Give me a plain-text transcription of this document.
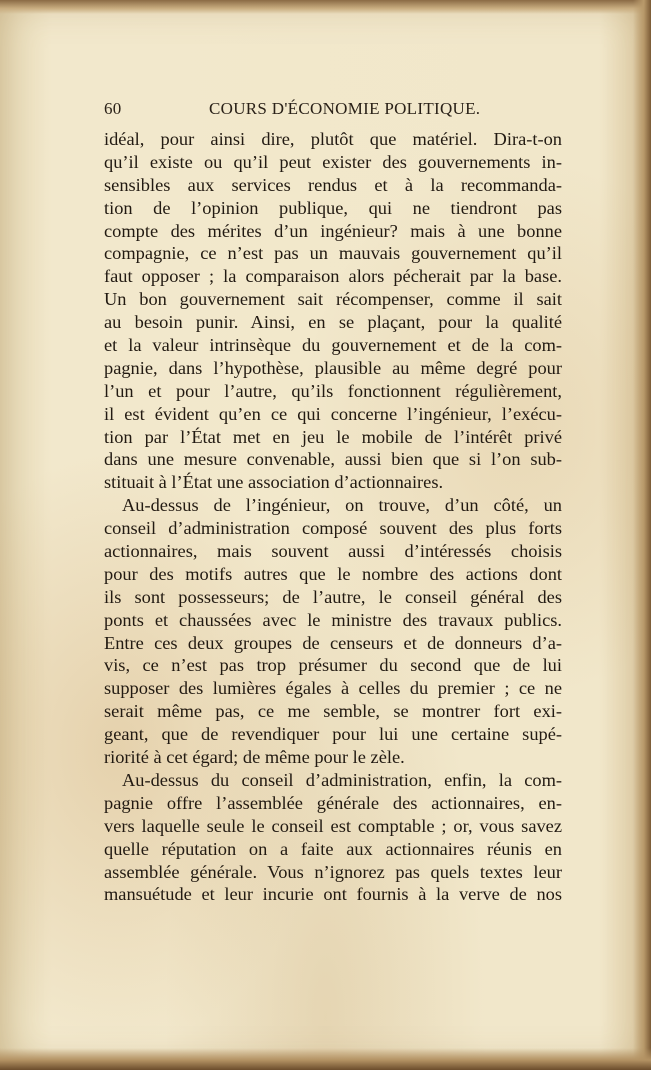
60	COURS D'ÉCONOMIE POLITIQUE.
idéal, pour ainsi dire, plutôt que matériel. Dira-t-on
qu’il existe ou qu’il peut exister des gouvernements in-
sensibles aux services rendus et à la recommanda-
tion de l’opinion publique, qui ne tiendront pas
compte des mérites d’un ingénieur? mais à une bonne
compagnie, ce n’est pas un mauvais gouvernement qu’il
faut opposer ; la comparaison alors pécherait par la base.
Un bon gouvernement sait récompenser, comme il sait
au besoin punir. Ainsi, en se plaçant, pour la qualité
et la valeur intrinsèque du gouvernement et de la com-
pagnie, dans l’hypothèse, plausible au même degré pour
l’un et pour l’autre, qu’ils fonctionnent régulièrement,
il est évident qu’en ce qui concerne l’ingénieur, l’exécu-
tion par l’État met en jeu le mobile de l’intérêt privé
dans une mesure convenable, aussi bien que si l’on sub-
stituait à l’État une association d’actionnaires.
Au-dessus de l’ingénieur, on trouve, d’un côté, un
conseil d’administration composé souvent des plus forts
actionnaires, mais souvent aussi d’intéressés choisis
pour des motifs autres que le nombre des actions dont
ils sont possesseurs; de l’autre, le conseil général des
ponts et chaussées avec le ministre des travaux publics.
Entre ces deux groupes de censeurs et de donneurs d’a-
vis, ce n’est pas trop présumer du second que de lui
supposer des lumières égales à celles du premier ; ce ne
serait même pas, ce me semble, se montrer fort exi-
geant, que de revendiquer pour lui une certaine supé-
riorité à cet égard; de même pour le zèle.
Au-dessus du conseil d’administration, enfin, la com-
pagnie offre l’assemblée générale des actionnaires, en-
vers laquelle seule le conseil est comptable ; or, vous savez
quelle réputation on a faite aux actionnaires réunis en
assemblée générale. Vous n’ignorez pas quels textes leur
mansuétude et leur incurie ont fournis à la verve de nos
